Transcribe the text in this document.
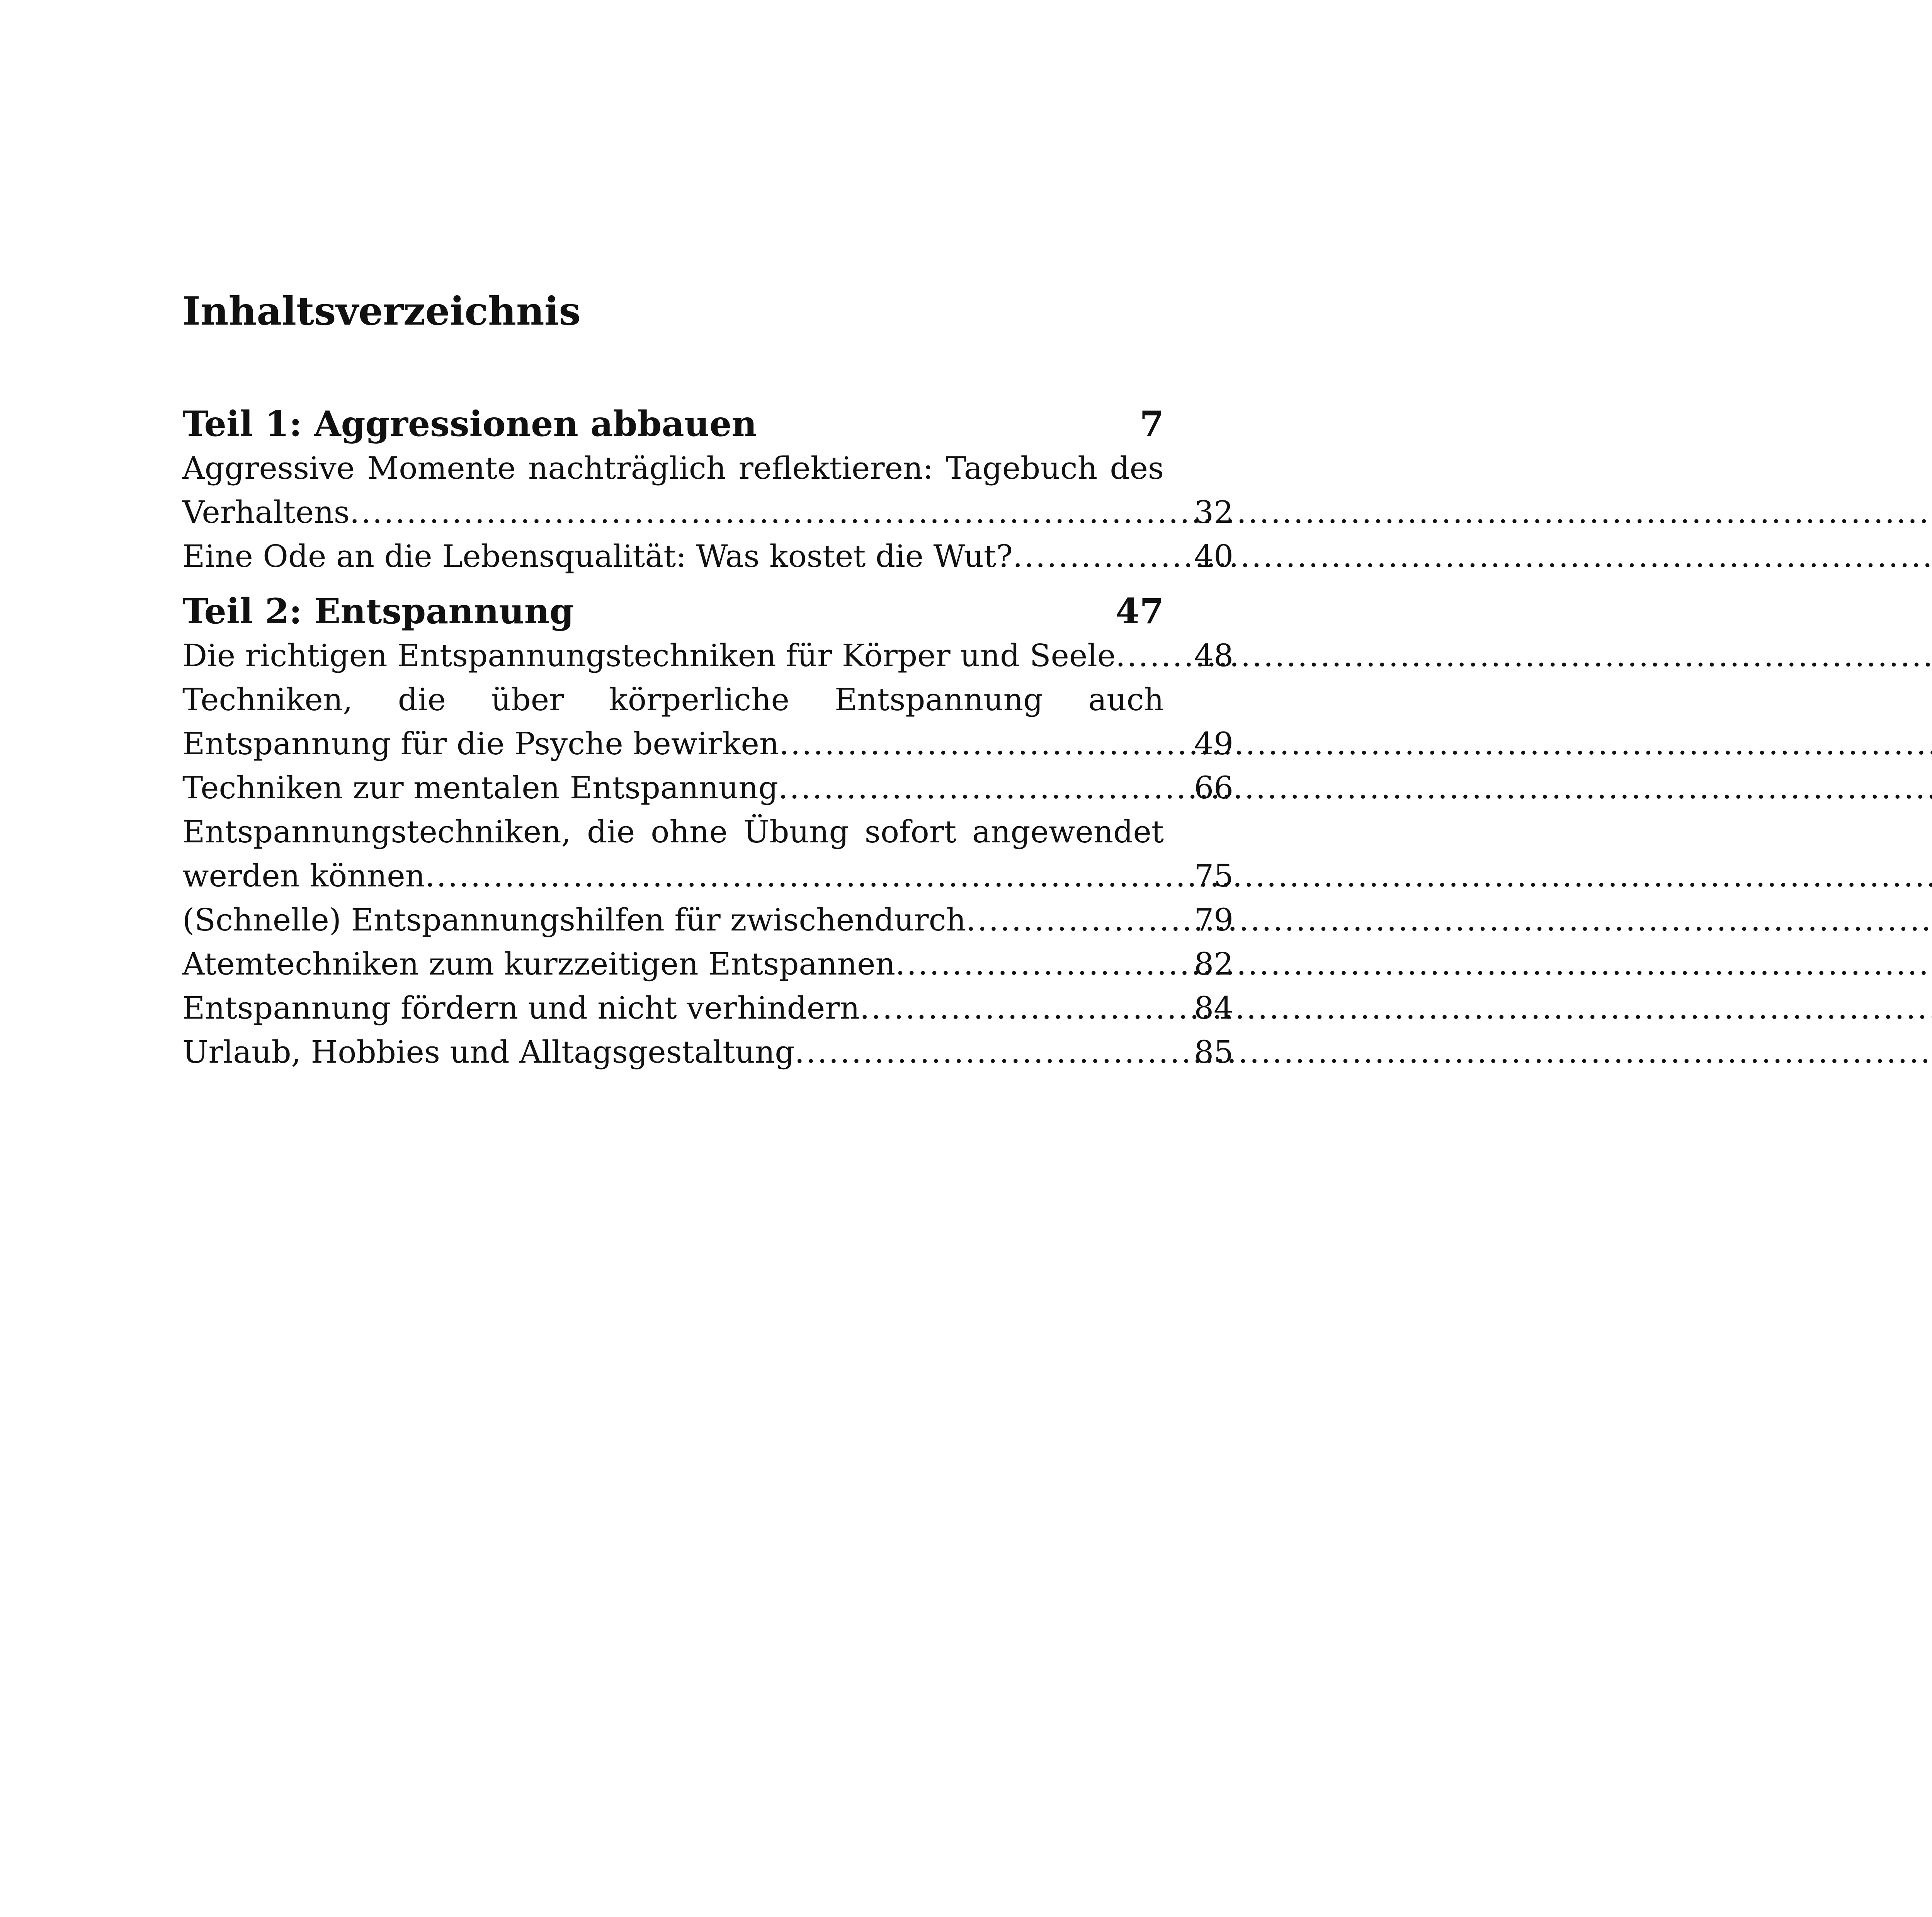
Inhaltsverzeichnis
Teil 1: Aggressionen abbauen	7
Aggressive Momente nachträglich reflektieren: Tagebuch des
Verhaltens .....	32
Eine Ode an die Lebensqualität: Was kostet die Wut? .....	40
Teil 2: Entspannung	47
Die richtigen Entspannungstechniken für Körper und Seele .....	48
Techniken, die über körperliche Entspannung auch
Entspannung für die Psyche bewirken .....	49
Techniken zur mentalen Entspannung .....	66
Entspannungstechniken, die ohne Übung sofort angewendet
werden können .....	75
(Schnelle) Entspannungshilfen für zwischendurch .....	79
Atemtechniken zum kurzzeitigen Entspannen .....	82
Entspannung fördern und nicht verhindern .....	84
Urlaub, Hobbies und Alltagsgestaltung .....	85
